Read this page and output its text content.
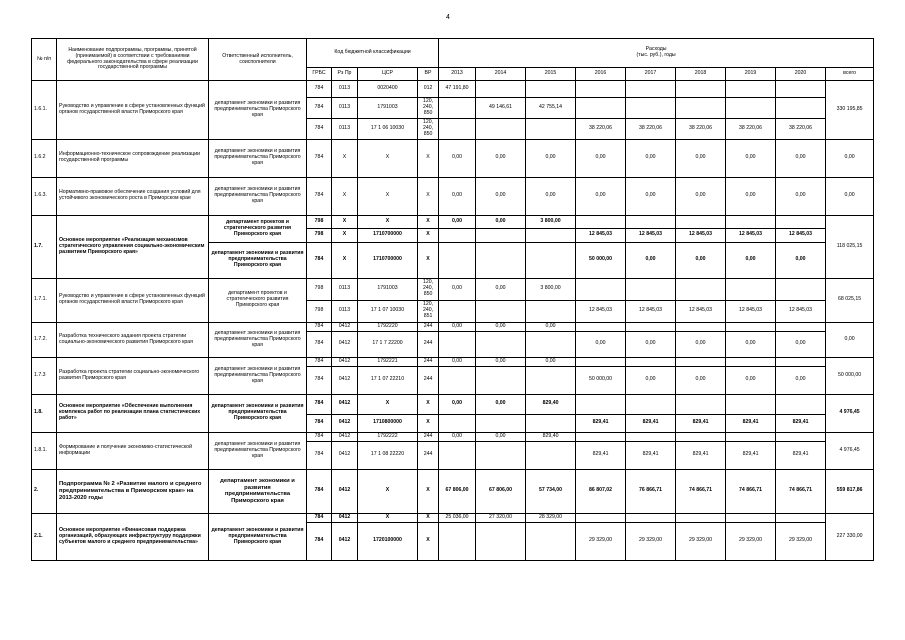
4
№ п/п	Наименование подпрограммы, программы, принятой (принимаемой) в соответствии с требованиями федерального законодательства в сфере реализации государственной программы	Ответственный исполнитель, соисполнители	Код бюджетной классификации				Расходы
(тыс. руб.), годы								

			ГРБС	Рз Пр	ЦСР	ВР	2013	2014	2015	2016	2017	2018	2019	2020	всего
1.6.1.	Руководство и управление в сфере установленных функций органов государственной власти Приморского края	департамент экономики и развития предпринимательства Приморского края	784	0113	0020400	012	47 191,80								330 195,85
			784	0113	1791003	120, 240, 850		49 146,61	42 755,14						
			784	0113	17 1 06 10030	120, 240, 850				38 220,06	38 220,06	38 220,06	38 220,06	38 220,06	
1.6.2	Информационно-техническое сопровождение реализации государственной программы	департамент экономики и развития предпринимательства Приморского края	784	X	X	X	0,00	0,00	0,00	0,00	0,00	0,00	0,00	0,00	0,00
1.6.3.	Нормативно-правовое обеспечение создания условий для устойчивого экономического роста в Приморском крае	департамент экономики и развития предпринимательства Приморского края	784	X	X	X	0,00	0,00	0,00	0,00	0,00	0,00	0,00	0,00	0,00
1.7.	Основное мероприятие «Реализация механизмов стратегического управления социально-экономическим развитием Приморского края»	департамент проектов и стратегического развития Приморского края	798	X	X	X	0,00	0,00	3 800,00						118 025,15
			798	X	1710700000	X				12 845,03	12 845,03	12 845,03	12 845,03	12 845,03	
		департамент экономики и развития предпринимательства Приморского края	784	X	1710700000	X				50 000,00	0,00	0,00	0,00	0,00	
1.7.1.	Руководство и управление в сфере установленных функций органов государственной власти Приморского края	департамент проектов и стратегического развития Приморского края	798	0113	1791003	120, 240, 850	0,00	0,00	3 800,00						68 025,15
			798	0113	17 1 07 10030	120, 240, 851				12 845,03	12 845,03	12 845,03	12 845,03	12 845,03	
1.7.2.	Разработка технического задания проекта стратегии социально-экономического развития Приморского края	департамент экономики и развития предпринимательства Приморского края	784	0412	1792220	244	0,00	0,00	0,00						0,00
			784	0412	17 1 7 22200	244				0,00	0,00	0,00	0,00	0,00	
1.7.3	Разработка проекта стратегии социально-экономического развития Приморского края	департамент экономики и развития предпринимательства Приморского края	784	0412	1792221	244	0,00	0,00	0,00						50 000,00
			784	0412	17 1 07 22210	244				50 000,00	0,00	0,00	0,00	0,00	
1.8.	Основное мероприятие «Обеспечение выполнения комплекса работ по реализации плана статистических работ»	департамент экономики и развития предпринимательства Приморского края	784	0412	X	X	0,00	0,00	829,40						4 976,45
			784	0412	1710800000	X				829,41	829,41	829,41	829,41	829,41	
1.8.1.	Формирование и получение экономико-статистической информации	департамент экономики и развития предпринимательства Приморского края	784	0412	1792222	244	0,00	0,00	829,40						4 976,45
			784	0412	17 1 08 22220	244				829,41	829,41	829,41	829,41	829,41	
2.	Подпрограмма № 2 «Развитие малого и среднего предпринимательства в Приморском крае» на 2013-2020 годы	департамент экономики и развития предпринимательства Приморского края	784	0412	X	X	67 806,00	67 806,00	57 734,00	86 807,02	76 866,71	74 866,71	74 866,71	74 866,71	559 817,86
2.1.	Основное мероприятие «Финансовая поддержка организаций, образующих инфраструктуру поддержки субъектов малого и среднего предпринимательства»	департамент экономики и развития предпринимательства Приморского края	784	0412	X	X	25 036,00	27 320,00	28 329,00						227 330,00
			784	0412	1720100000	X				29 329,00	29 329,00	29 329,00	29 329,00	29 329,00	
